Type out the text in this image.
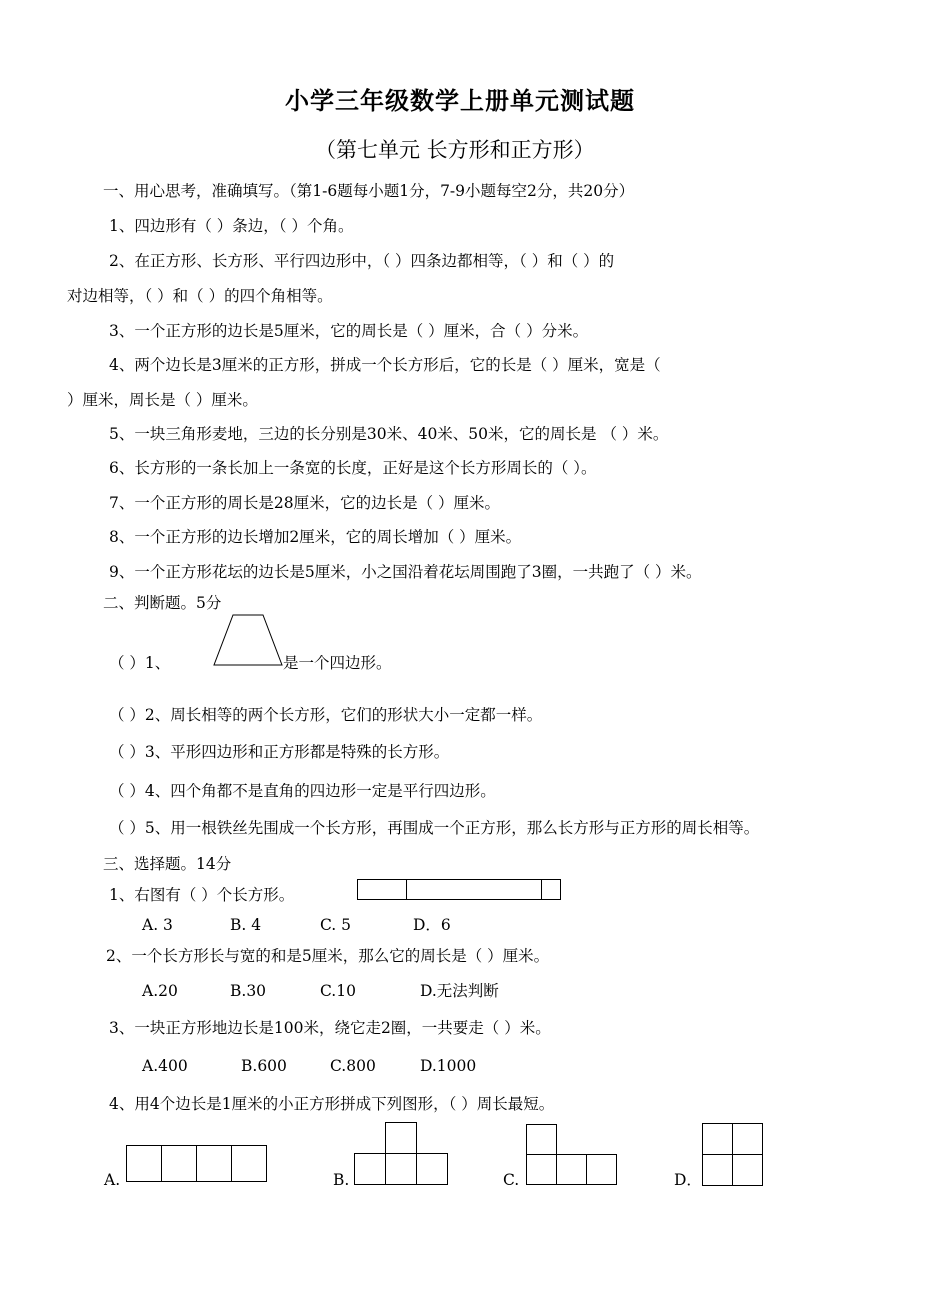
小学三年级数学上册单元测试题
（第七单元 长方形和正方形）
一、用心思考，准确填写。（第1-6题每小题1分，7-9小题每空2分，共20分）
1、四边形有（ ）条边，（ ）个角。
2、在正方形、长方形、平行四边形中，（ ）四条边都相等，（ ）和（ ）的
对边相等，（ ）和（ ）的四个角相等。
3、一个正方形的边长是5厘米，它的周长是（ ）厘米，合（ ）分米。
4、两个边长是3厘米的正方形，拼成一个长方形后，它的长是（ ）厘米，宽是（
）厘米，周长是（ ）厘米。
5、一块三角形麦地，三边的长分别是30米、40米、50米，它的周长是 （ ）米。
6、长方形的一条长加上一条宽的长度，正好是这个长方形周长的（ ）。
7、一个正方形的周长是28厘米，它的边长是（ ）厘米。
8、一个正方形的边长增加2厘米，它的周长增加（ ）厘米。
9、一个正方形花坛的边长是5厘米，小之国沿着花坛周围跑了3圈，一共跑了（ ）米。
二、判断题。5分
（ ）1、	是一个四边形。
（ ）2、周长相等的两个长方形，它们的形状大小一定都一样。
（ ）3、平形四边形和正方形都是特殊的长方形。
（ ）4、四个角都不是直角的四边形一定是平行四边形。
（ ）5、用一根铁丝先围成一个长方形，再围成一个正方形，那么长方形与正方形的周长相等。
三、选择题。14分
1、右图有（ ）个长方形。
A. 3	B. 4	C. 5	D．6
2、一个长方形长与宽的和是5厘米，那么它的周长是（ ）厘米。
A.20	B.30	C.10	D.无法判断
3、一块正方形地边长是100米，绕它走2圈，一共要走（ ）米。
A.400	B.600	C.800	D.1000
4、用4个边长是1厘米的小正方形拼成下列图形，（ ）周长最短。
A.	B.	C.	D．
